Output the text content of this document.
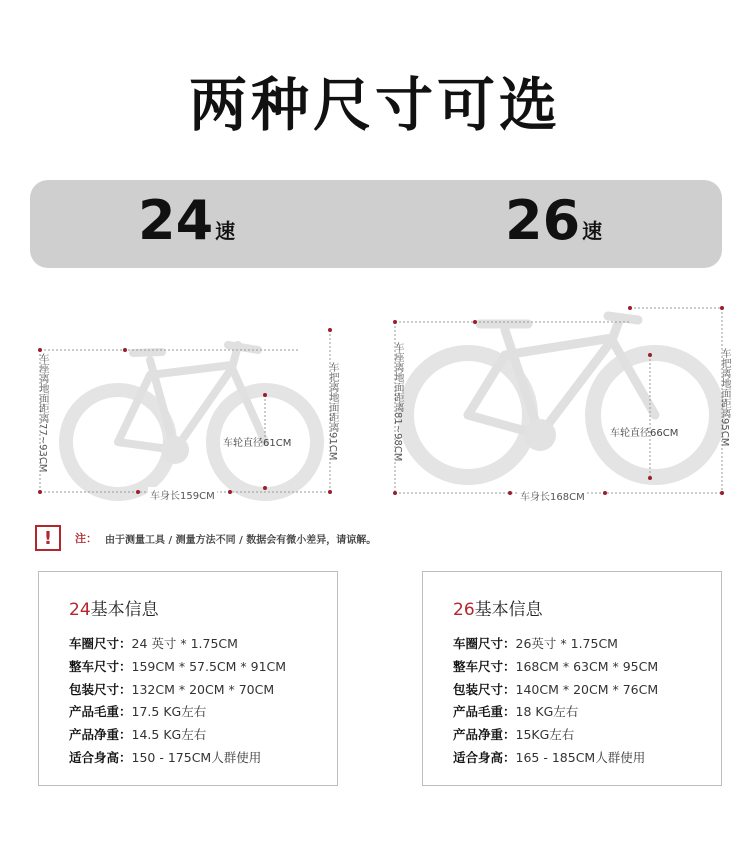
两种尺寸可选
24 速	26 速
车座离地面距离77~93CM	车把离地面距离91CM
车轮直径61CM
车身长159CM
车座离地面距离81~98CM	车把离地面距离95CM
车轮直径66CM
车身长168CM
!	注： 由于测量工具 / 测量方法不同 / 数据会有微小差异，请谅解。
24基本信息
车圈尺寸：24 英寸 * 1.75CM
整车尺寸：159CM * 57.5CM * 91CM
包装尺寸：132CM * 20CM * 70CM
产品毛重：17.5 KG左右
产品净重：14.5 KG左右
适合身高：150 - 175CM人群使用
26基本信息
车圈尺寸：26英寸 * 1.75CM
整车尺寸：168CM * 63CM * 95CM
包装尺寸：140CM * 20CM * 76CM
产品毛重：18 KG左右
产品净重：15KG左右
适合身高：165 - 185CM人群使用
